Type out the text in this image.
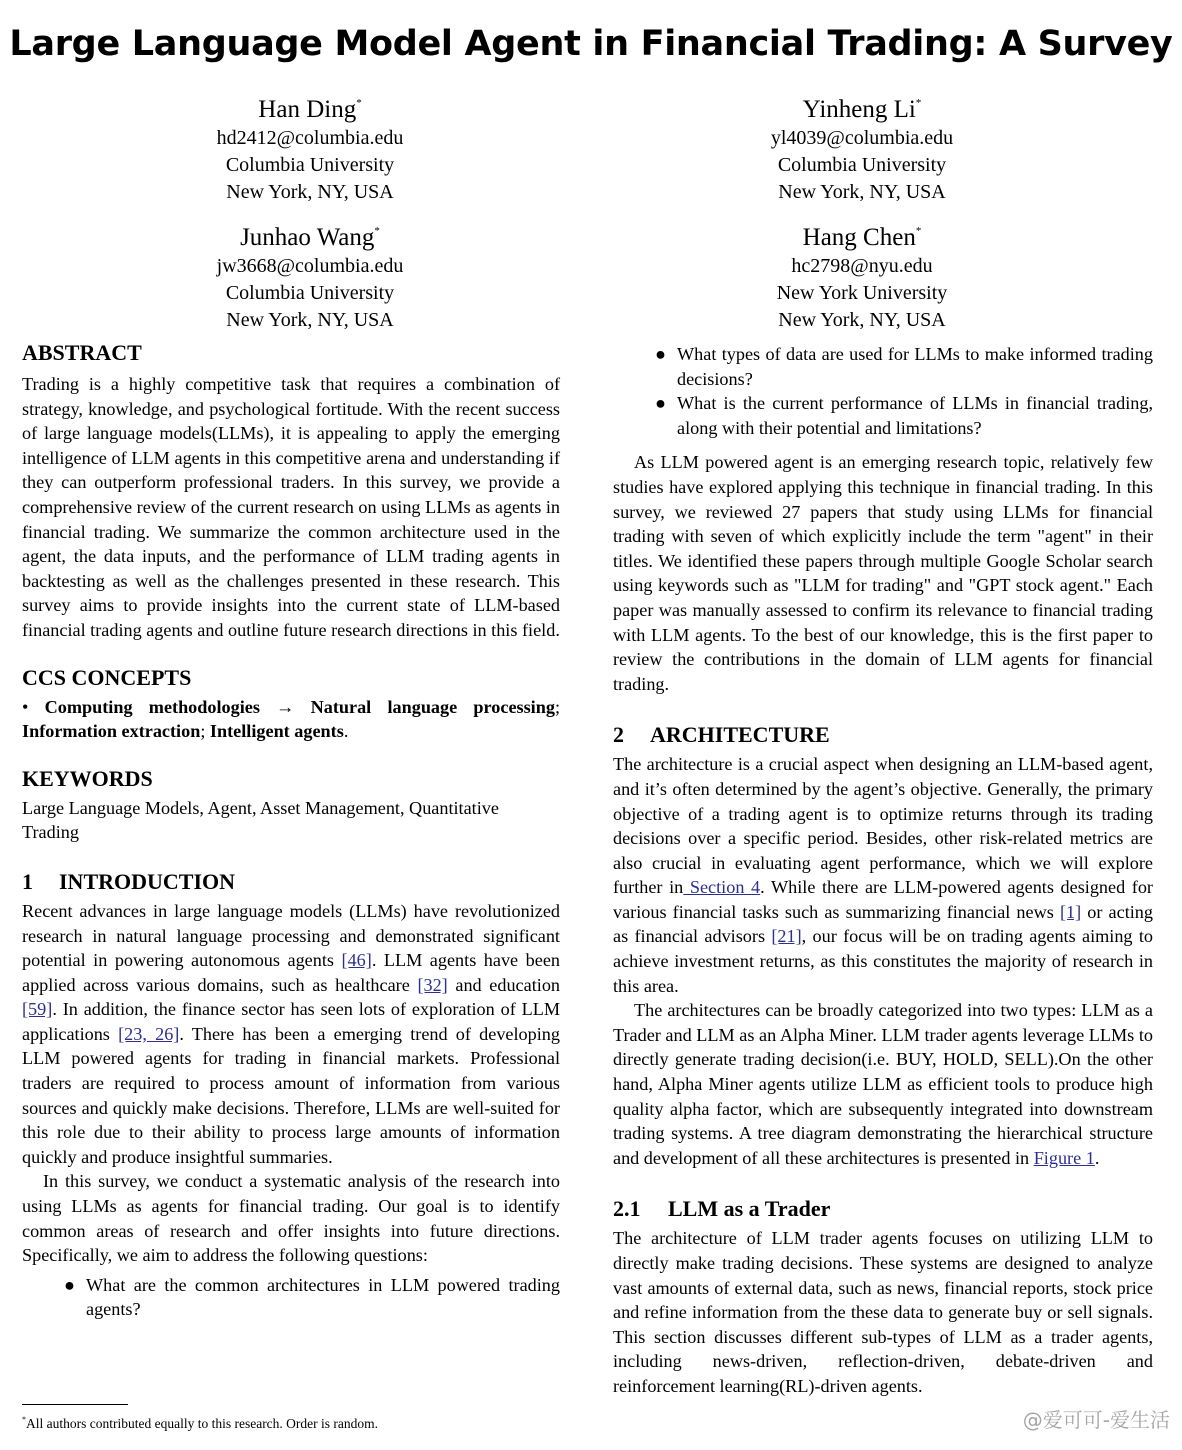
Large Language Model Agent in Financial Trading: A Survey
Han Ding*
hd2412@columbia.edu
Columbia University
New York, NY, USA
Yinheng Li*
yl4039@columbia.edu
Columbia University
New York, NY, USA
Junhao Wang*
jw3668@columbia.edu
Columbia University
New York, NY, USA
Hang Chen*
hc2798@nyu.edu
New York University
New York, NY, USA
ABSTRACT

Trading is a highly competitive task that requires a combination of strategy, knowledge, and psychological fortitude. With the recent success of large language models(LLMs), it is appealing to apply the emerging intelligence of LLM agents in this competitive arena and understanding if they can outperform professional traders. In this survey, we provide a comprehensive review of the current research on using LLMs as agents in financial trading. We summarize the common architecture used in the agent, the data inputs, and the performance of LLM trading agents in backtesting as well as the challenges presented in these research. This survey aims to provide insights into the current state of LLM-based financial trading agents and outline future research directions in this field.

CCS CONCEPTS

• Computing methodologies → Natural language processing; Information extraction; Intelligent agents.

KEYWORDS

Large Language Models, Agent, Asset Management, Quantitative Trading

1 INTRODUCTION

Recent advances in large language models (LLMs) have revolutionized research in natural language processing and demonstrated significant potential in powering autonomous agents [46]. LLM agents have been applied across various domains, such as healthcare [32] and education [59]. In addition, the finance sector has seen lots of exploration of LLM applications [23, 26]. There has been a emerging trend of developing LLM powered agents for trading in financial markets. Professional traders are required to process amount of information from various sources and quickly make decisions. Therefore, LLMs are well-suited for this role due to their ability to process large amounts of information quickly and produce insightful summaries.

In this survey, we conduct a systematic analysis of the research into using LLMs as agents for financial trading. Our goal is to identify common areas of research and offer insights into future directions. Specifically, we aim to address the following questions:

● What are the common architectures in LLM powered trading agents?
● What types of data are used for LLMs to make informed trading decisions?
● What is the current performance of LLMs in financial trading, along with their potential and limitations?

As LLM powered agent is an emerging research topic, relatively few studies have explored applying this technique in financial trading. In this survey, we reviewed 27 papers that study using LLMs for financial trading with seven of which explicitly include the term "agent" in their titles. We identified these papers through multiple Google Scholar search using keywords such as "LLM for trading" and "GPT stock agent." Each paper was manually assessed to confirm its relevance to financial trading with LLM agents. To the best of our knowledge, this is the first paper to review the contributions in the domain of LLM agents for financial trading.

2 ARCHITECTURE

The architecture is a crucial aspect when designing an LLM-based agent, and it’s often determined by the agent’s objective. Generally, the primary objective of a trading agent is to optimize returns through its trading decisions over a specific period. Besides, other risk-related metrics are also crucial in evaluating agent performance, which we will explore further in Section 4. While there are LLM-powered agents designed for various financial tasks such as summarizing financial news [1] or acting as financial advisors [21], our focus will be on trading agents aiming to achieve investment returns, as this constitutes the majority of research in this area.

The architectures can be broadly categorized into two types: LLM as a Trader and LLM as an Alpha Miner. LLM trader agents leverage LLMs to directly generate trading decision(i.e. BUY, HOLD, SELL).On the other hand, Alpha Miner agents utilize LLM as efficient tools to produce high quality alpha factor, which are subsequently integrated into downstream trading systems. A tree diagram demonstrating the hierarchical structure and development of all these architectures is presented in Figure 1.

2.1 LLM as a Trader

The architecture of LLM trader agents focuses on utilizing LLM to directly make trading decisions. These systems are designed to analyze vast amounts of external data, such as news, financial reports, stock price and refine information from the these data to generate buy or sell signals. This section discusses different sub-types of LLM as a trader agents, including news-driven, reflection-driven, debate-driven and reinforcement learning(RL)-driven agents.

*All authors contributed equally to this research. Order is random.	@爱可可-爱生活
